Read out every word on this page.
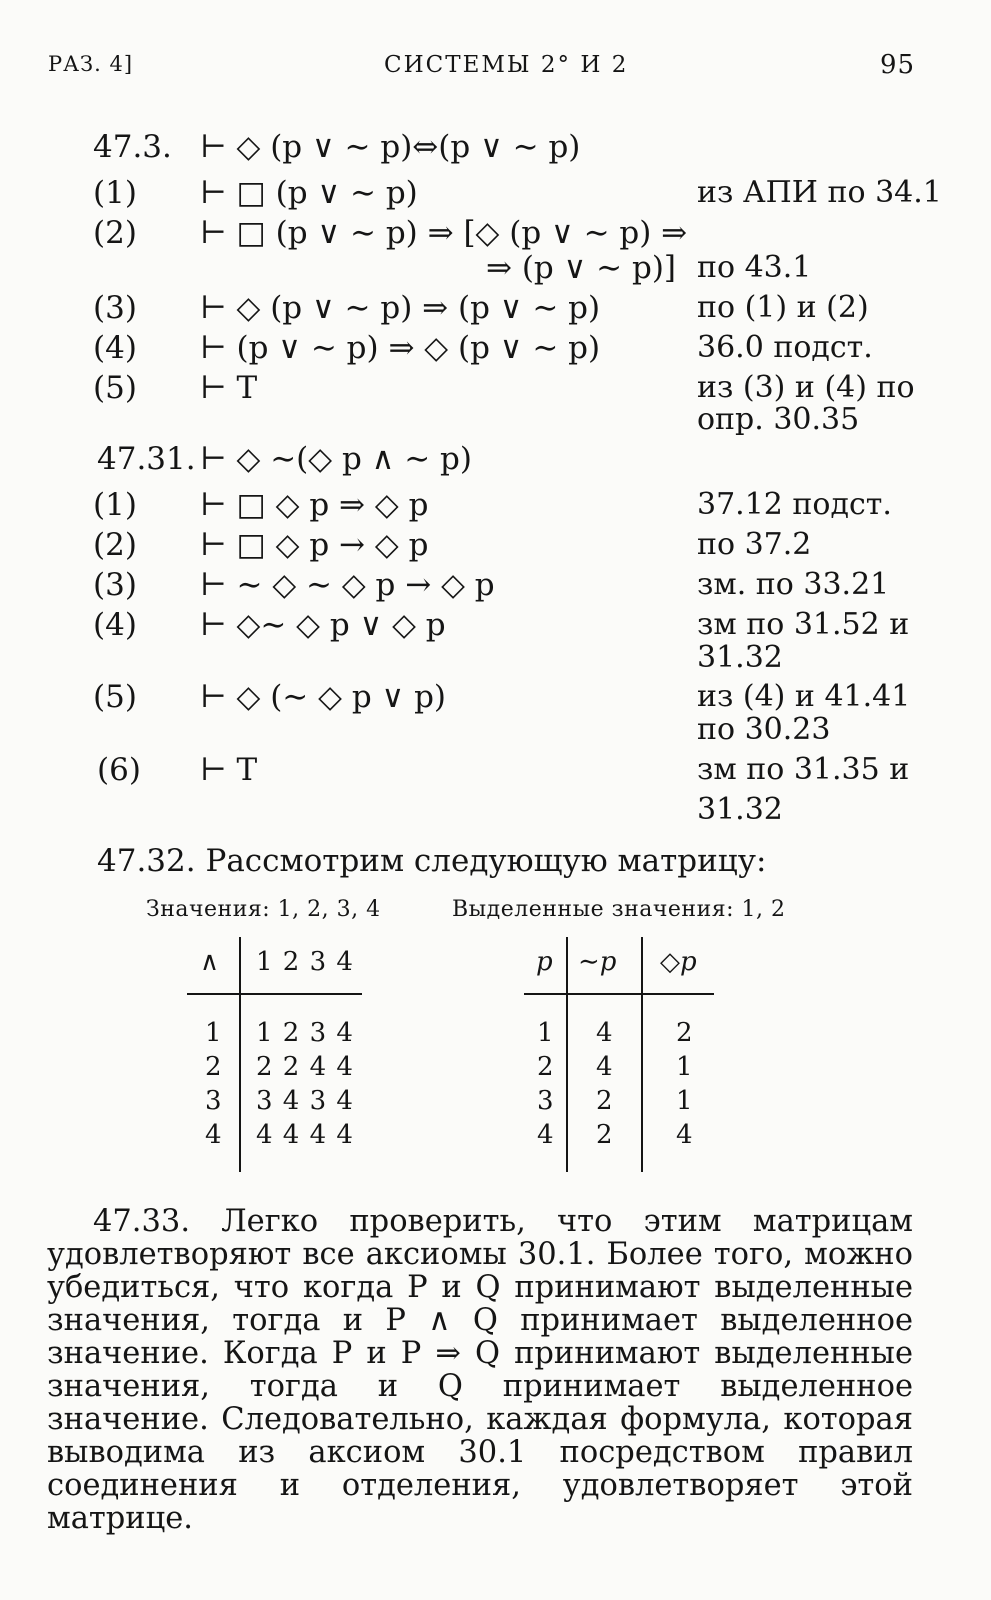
РАЗ. 4]	СИСТЕМЫ 2° И 2	95
47.3. ⊢ ◇ (p ∨ ∼ p)⇔(p ∨ ∼ p)
(1) ⊢ □ (p ∨ ∼ p)	из АПИ по 34.1
(2) ⊢ □ (p ∨ ∼ p) ⇒ [◇ (p ∨ ∼ p) ⇒
⇒ (p ∨ ∼ p)] по 43.1
(3) ⊢ ◇ (p ∨ ∼ p) ⇒ (p ∨ ∼ p)	по (1) и (2)
(4) ⊢ (p ∨ ∼ p) ⇒ ◇ (p ∨ ∼ p)	36.0 подст.
(5) ⊢ T	из (3) и (4) по
опр. 30.35
47.31. ⊢ ◇ ∼(◇ p ∧ ∼ p)
(1) ⊢ □ ◇ p ⇒ ◇ p	37.12 подст.
(2) ⊢ □ ◇ p → ◇ p	по 37.2
(3) ⊢ ∼ ◇ ∼ ◇ p → ◇ p	зм. по 33.21
(4) ⊢ ◇∼ ◇ p ∨ ◇ p	зм по 31.52 и
31.32
(5) ⊢ ◇ (∼ ◇ p ∨ p)	из (4) и 41.41
по 30.23
(6) ⊢ T	зм по 31.35 и
31.32
47.32. Рассмотрим следующую матрицу:
Значения: 1, 2, 3, 4	Выделенные значения: 1, 2
∧ 1 2 3 4
1 1 2 3 4
2 2 2 4 4
3 3 4 3 4
4 4 4 4 4
p ∼p ◇p
1 4 2
2 4 1
3 2 1
4 2 4

47.33. Легко проверить, что этим матрицам удовлетворяют все аксиомы 30.1. Более того, можно убедиться, что когда P и Q принимают выделенные значения, тогда и P ∧ Q принимает выделенное значение. Когда P и P ⇒ Q принимают выделенные значения, тогда и Q принимает выделенное значение. Следовательно, каждая формула, которая выводима из аксиом 30.1 посредством правил соединения и отделения, удовлетворяет этой матрице.
